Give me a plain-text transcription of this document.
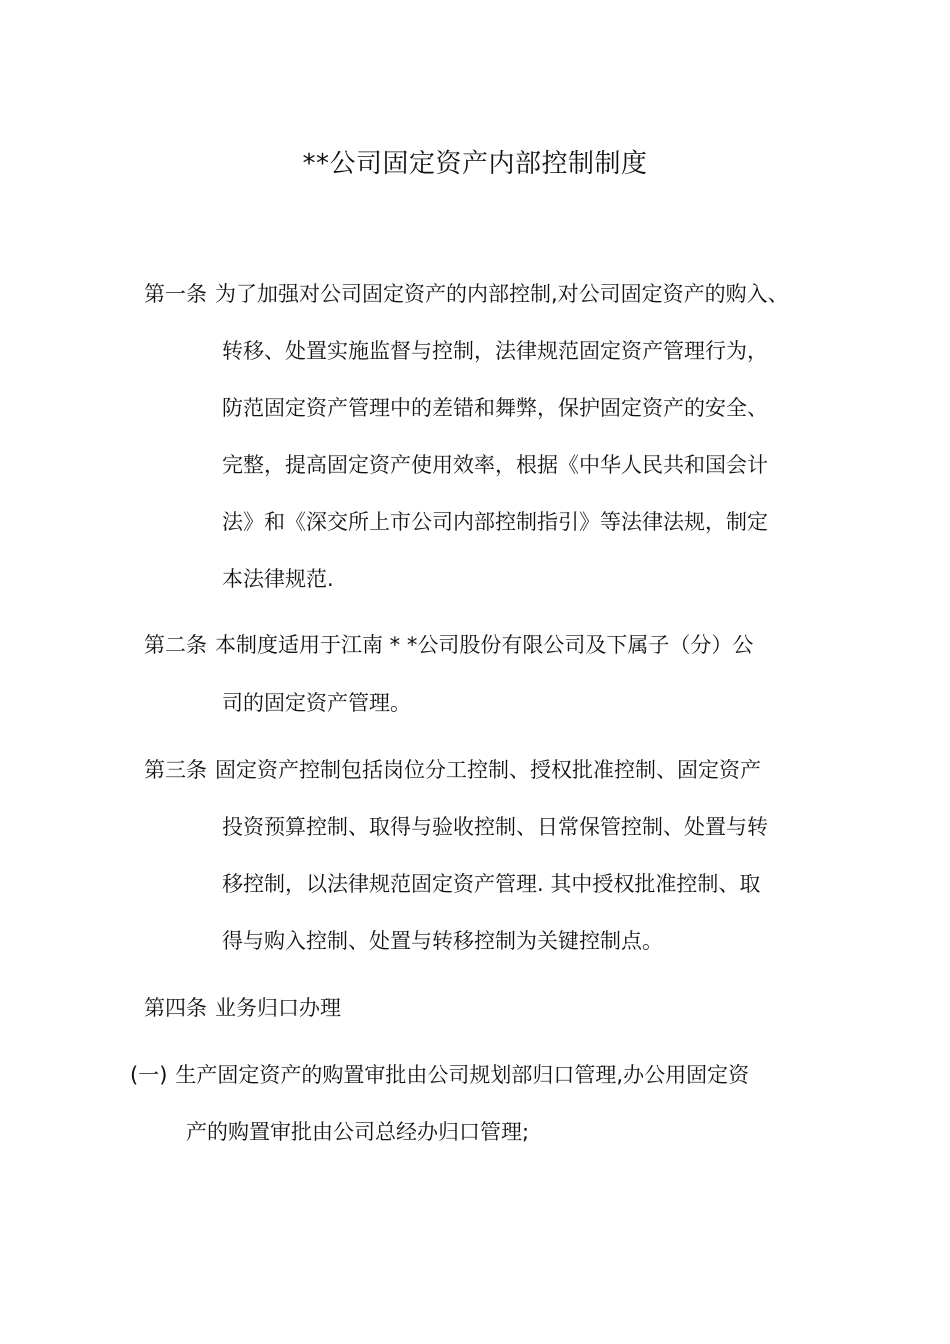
**公司固定资产内部控制制度
第一条 为了加强对公司固定资产的内部控制,对公司固定资产的购入、
转移、处置实施监督与控制，法律规范固定资产管理行为，
防范固定资产管理中的差错和舞弊，保护固定资产的安全、
完整，提高固定资产使用效率，根据《中华人民共和国会计
法》和《深交所上市公司内部控制指引》等法律法规，制定
本法律规范.
第二条 本制度适用于江南 * *公司股份有限公司及下属子（分）公
司的固定资产管理。
第三条 固定资产控制包括岗位分工控制、授权批准控制、固定资产
投资预算控制、取得与验收控制、日常保管控制、处置与转
移控制，以法律规范固定资产管理. 其中授权批准控制、取
得与购入控制、处置与转移控制为关键控制点。
第四条 业务归口办理
(一) 生产固定资产的购置审批由公司规划部归口管理,办公用固定资
产的购置审批由公司总经办归口管理;
